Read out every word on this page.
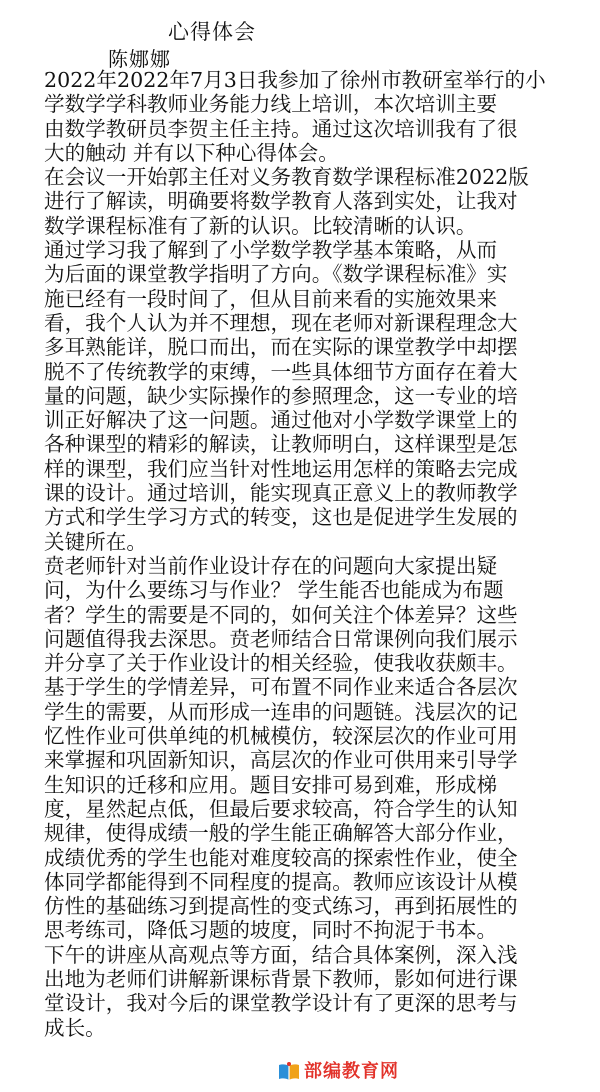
心得体会
陈娜娜
2022年2022年7月3日我参加了徐州市教研室举行的小
学数学学科教师业务能力线上培训，本次培训主要
由数学教研员李贺主任主持。通过这次培训我有了很
大的触动 并有以下种心得体会。
在会议一开始郭主任对义务教育数学课程标准2022版
进行了解读，明确要将数学教育人落到实处，让我对
数学课程标准有了新的认识。比较清晰的认识。
通过学习我了解到了小学数学教学基本策略，从而
为后面的课堂教学指明了方向。《数学课程标准》实
施已经有一段时间了，但从目前来看的实施效果来
看，我个人认为并不理想，现在老师对新课程理念大
多耳熟能详，脱口而出，而在实际的课堂教学中却摆
脱不了传统教学的束缚，一些具体细节方面存在着大
量的问题，缺少实际操作的参照理念，这一专业的培
训正好解决了这一问题。通过他对小学数学课堂上的
各种课型的精彩的解读，让教师明白，这样课型是怎
样的课型，我们应当针对性地运用怎样的策略去完成
课的设计。通过培训，能实现真正意义上的教师教学
方式和学生学习方式的转变，这也是促进学生发展的
关键所在。
贲老师针对当前作业设计存在的问题向大家提出疑
问，为什么要练习与作业？ 学生能否也能成为布题
者？学生的需要是不同的，如何关注个体差异？这些
问题值得我去深思。贲老师结合日常课例向我们展示
并分享了关于作业设计的相关经验，使我收获颇丰。
基于学生的学情差异，可布置不同作业来适合各层次
学生的需要，从而形成一连串的问题链。浅层次的记
忆性作业可供单纯的机械模仿，较深层次的作业可用
来掌握和巩固新知识，高层次的作业可供用来引导学
生知识的迁移和应用。题目安排可易到难，形成梯
度，星然起点低，但最后要求较高，符合学生的认知
规律，使得成绩一般的学生能正确解答大部分作业，
成绩优秀的学生也能对难度较高的探索性作业，使全
体同学都能得到不同程度的提高。教师应该设计从模
仿性的基础练习到提高性的变式练习，再到拓展性的
思考练司，降低习题的坡度，同时不拘泥于书本。
下午的讲座从高观点等方面，结合具体案例，深入浅
出地为老师们讲解新课标背景下教师，影如何进行课
堂设计，我对今后的课堂教学设计有了更深的思考与
成长。
部编教育网
